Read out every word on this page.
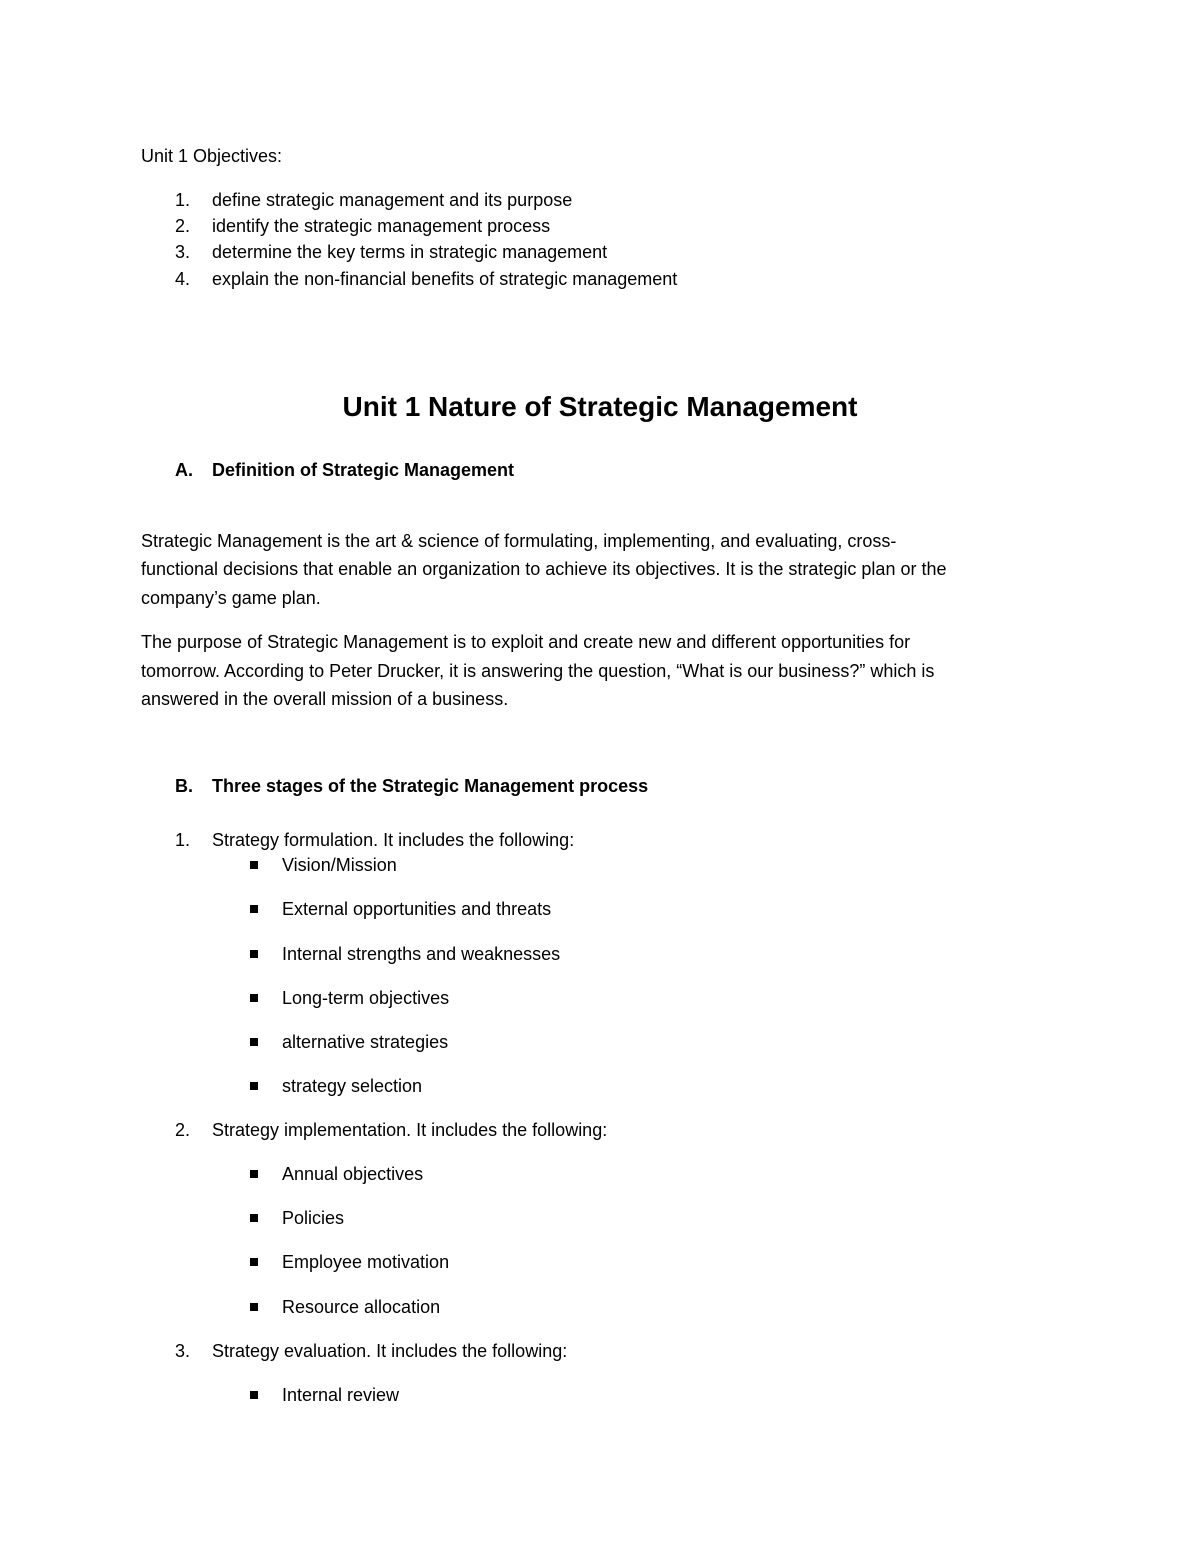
Unit 1 Objectives:
1. define strategic management and its purpose
2. identify the strategic management process
3. determine the key terms in strategic management
4. explain the non-financial benefits of strategic management
Unit 1 Nature of Strategic Management
A. Definition of Strategic Management
Strategic Management is the art & science of formulating, implementing, and evaluating, cross-
functional decisions that enable an organization to achieve its objectives. It is the strategic plan or the
company’s game plan.
The purpose of Strategic Management is to exploit and create new and different opportunities for
tomorrow. According to Peter Drucker, it is answering the question, “What is our business?” which is
answered in the overall mission of a business.
B. Three stages of the Strategic Management process
1. Strategy formulation. It includes the following:
Vision/Mission
External opportunities and threats
Internal strengths and weaknesses
Long-term objectives
alternative strategies
strategy selection
2. Strategy implementation. It includes the following:
Annual objectives
Policies
Employee motivation
Resource allocation
3. Strategy evaluation. It includes the following:
Internal review
